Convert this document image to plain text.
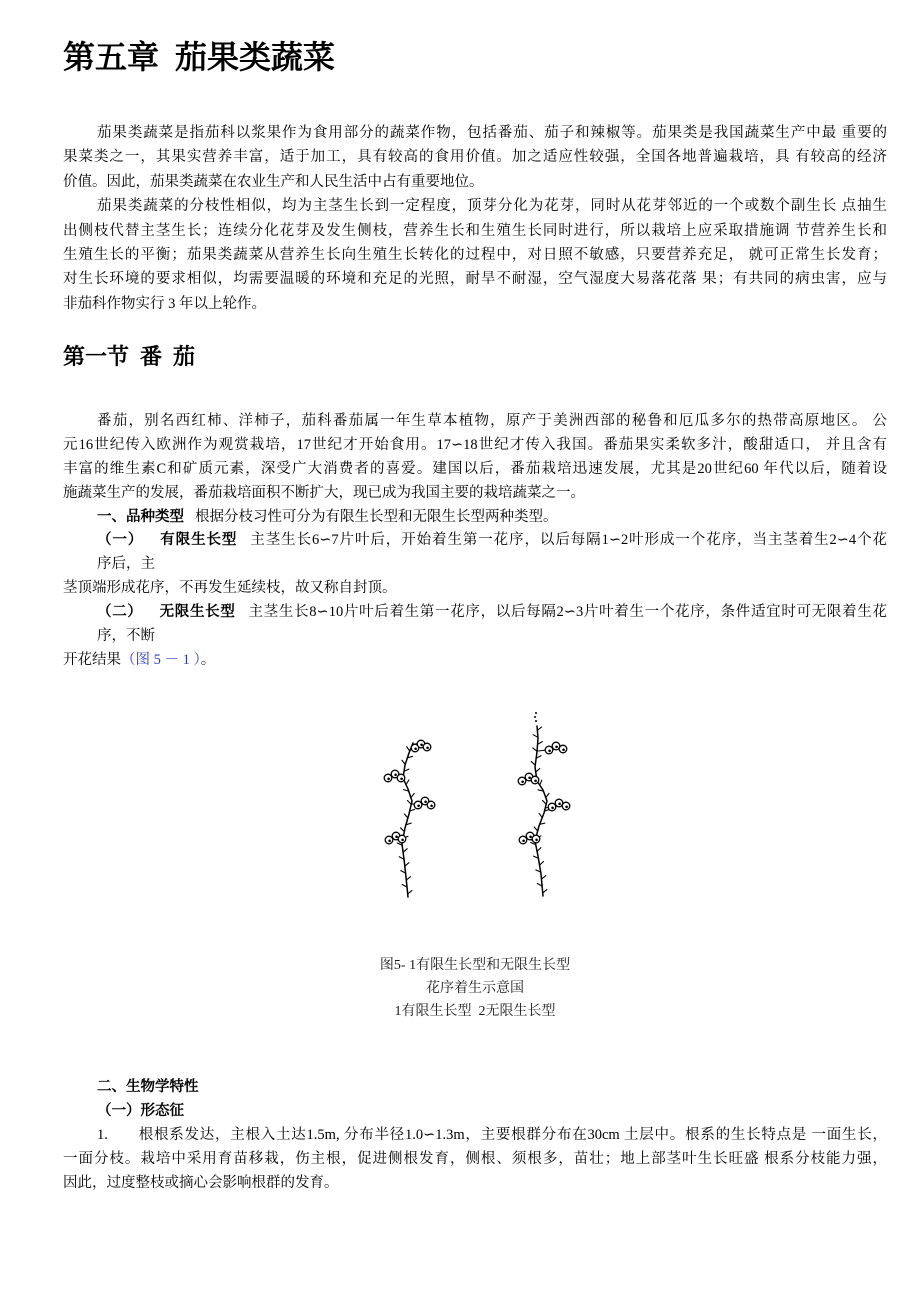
第五章  茄果类蔬菜
茄果类蔬菜是指茄科以浆果作为食用部分的蔬菜作物，包括番茄、茄子和辣椒等。茄果类是我国蔬菜生产中最 重要的
果菜类之一，其果实营养丰富，适于加工，具有较高的食用价值。加之适应性较强，全国各地普遍栽培，具 有较高的经济
价值。因此，茄果类蔬菜在农业生产和人民生活中占有重要地位。
茄果类蔬菜的分枝性相似，均为主茎生长到一定程度，顶芽分化为花芽，同时从花芽邻近的一个或数个副生长 点抽生
出侧枝代替主茎生长；连续分化花芽及发生侧枝，营养生长和生殖生长同时进行，所以栽培上应采取措施调 节营养生长和
生殖生长的平衡；茄果类蔬菜从营养生长向生殖生长转化的过程中，对日照不敏感，只要营养充足， 就可正常生长发育；
对生长环境的要求相似，均需要温暖的环境和充足的光照，耐旱不耐湿，空气湿度大易落花落 果；有共同的病虫害，应与
非茄科作物实行 3 年以上轮作。
第一节  番  茄
番茄，别名西红柿、洋柿子，茄科番茄属一年生草本植物，原产于美洲西部的秘鲁和厄瓜多尔的热带高原地区。 公
元16世纪传入欧洲作为观赏栽培，17世纪才开始食用。17∽18世纪才传入我国。番茄果实柔软多汁，酸甜适口， 并且含有
丰富的维生素C和矿质元素，深受广大消费者的喜爱。建国以后，番茄栽培迅速发展，尤其是20世纪60 年代以后，随着设
施蔬菜生产的发展，番茄栽培面积不断扩大，现已成为我国主要的栽培蔬菜之一。
一、品种类型 根据分枝习性可分为有限生长型和无限生长型两种类型。
（一） 有限生长型 主茎生长6∽7片叶后，开始着生第一花序，以后每隔1∽2叶形成一个花序，当主茎着生2∽4个花
序后，主
茎顶端形成花序，不再发生延续枝，故又称自封顶。
（二） 无限生长型 主茎生长8∽10片叶后着生第一花序，以后每隔2∽3片叶着生一个花序，条件适宜时可无限着生花
序，不断
开花结果（图 5 － 1 ）。
图5- 1有限生长型和无限生长型
花序着生示意国
1有限生长型  2无限生长型
二、生物学特性
（一）形态征
1. 根根系发达，主根入土达1.5m, 分布半径1.0∽1.3m，主要根群分布在30cm 土层中。根系的生长特点是 一面生长，
一面分枝。栽培中采用育苗移栽，伤主根，促进侧根发育，侧根、须根多，苗壮；地上部茎叶生长旺盛 根系分枝能力强，
因此，过度整枝或摘心会影响根群的发育。
